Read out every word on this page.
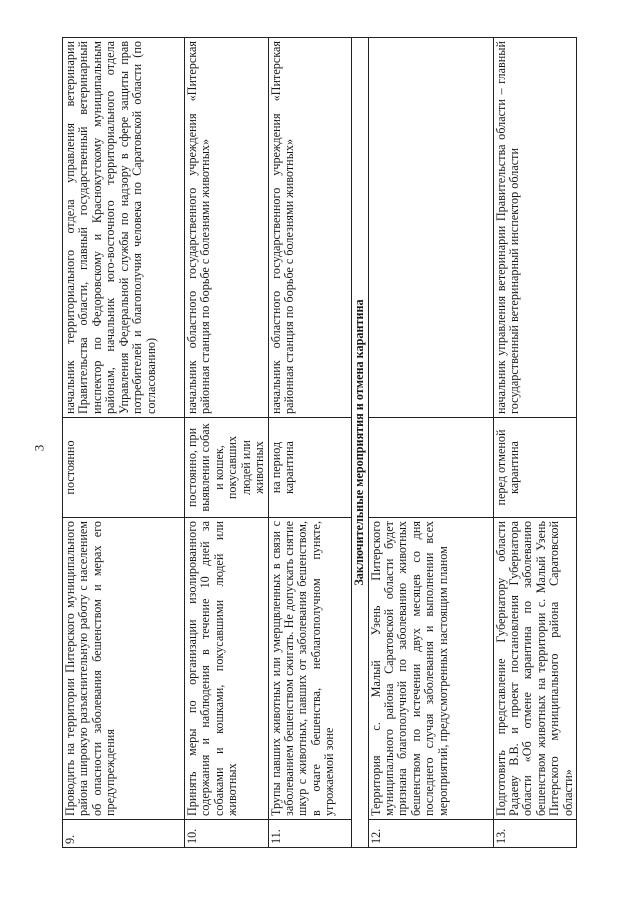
3
9.	Проводить на территории Питерского муниципального района широкую разъяснительную работу с населением об опасности заболевания бешенством и мерах его предупреждения	постоянно	начальник территориального отдела управления ветеринарии Правительства области, главный государственный ветеринарный инспектор по Федоровскому и Краснокутскому муниципальным районам, начальник юго-восточного территориального отдела Управления Федеральной службы по надзору в сфере защиты прав потребителей и благополучия человека по Саратовской области (по согласованию)
10.	Принять меры по организации изолированного содержания и наблюдения в течение 10 дней за собаками и кошками, покусавшими людей или животных	постоянно, при выявлении собак и кошек, покусавших людей или животных	начальник областного государственного учреждения «Питерская районная станция по борьбе с болезнями животных»
11.	Трупы павших животных или умерщвленных в связи с заболеванием бешенством сжигать. Не допускать снятие шкур с животных, павших от заболевания бешенством, в очаге бешенства, неблагополучном пункте, угрожаемой зоне	на период карантина	начальник областного государственного учреждения «Питерская районная станция по борьбе с болезнями животных»
Заключительные мероприятия и отмена карантина			
12.	Территория с. Малый Узень Питерского муниципального района Саратовской области будет признана благополучной по заболеванию животных бешенством по истечении двух месяцев со дня последнего случая заболевания и выполнении всех мероприятий, предусмотренных настоящим планом		
13.	Подготовить представление Губернатору области Радаеву В.В. и проект постановления Губернатора области «Об отмене карантина по заболеванию бешенством животных на территории с. Малый Узень Питерского муниципального района Саратовской области»	перед отменой карантина	начальник управления ветеринарии Правительства области – главный государственный ветеринарный инспектор области
